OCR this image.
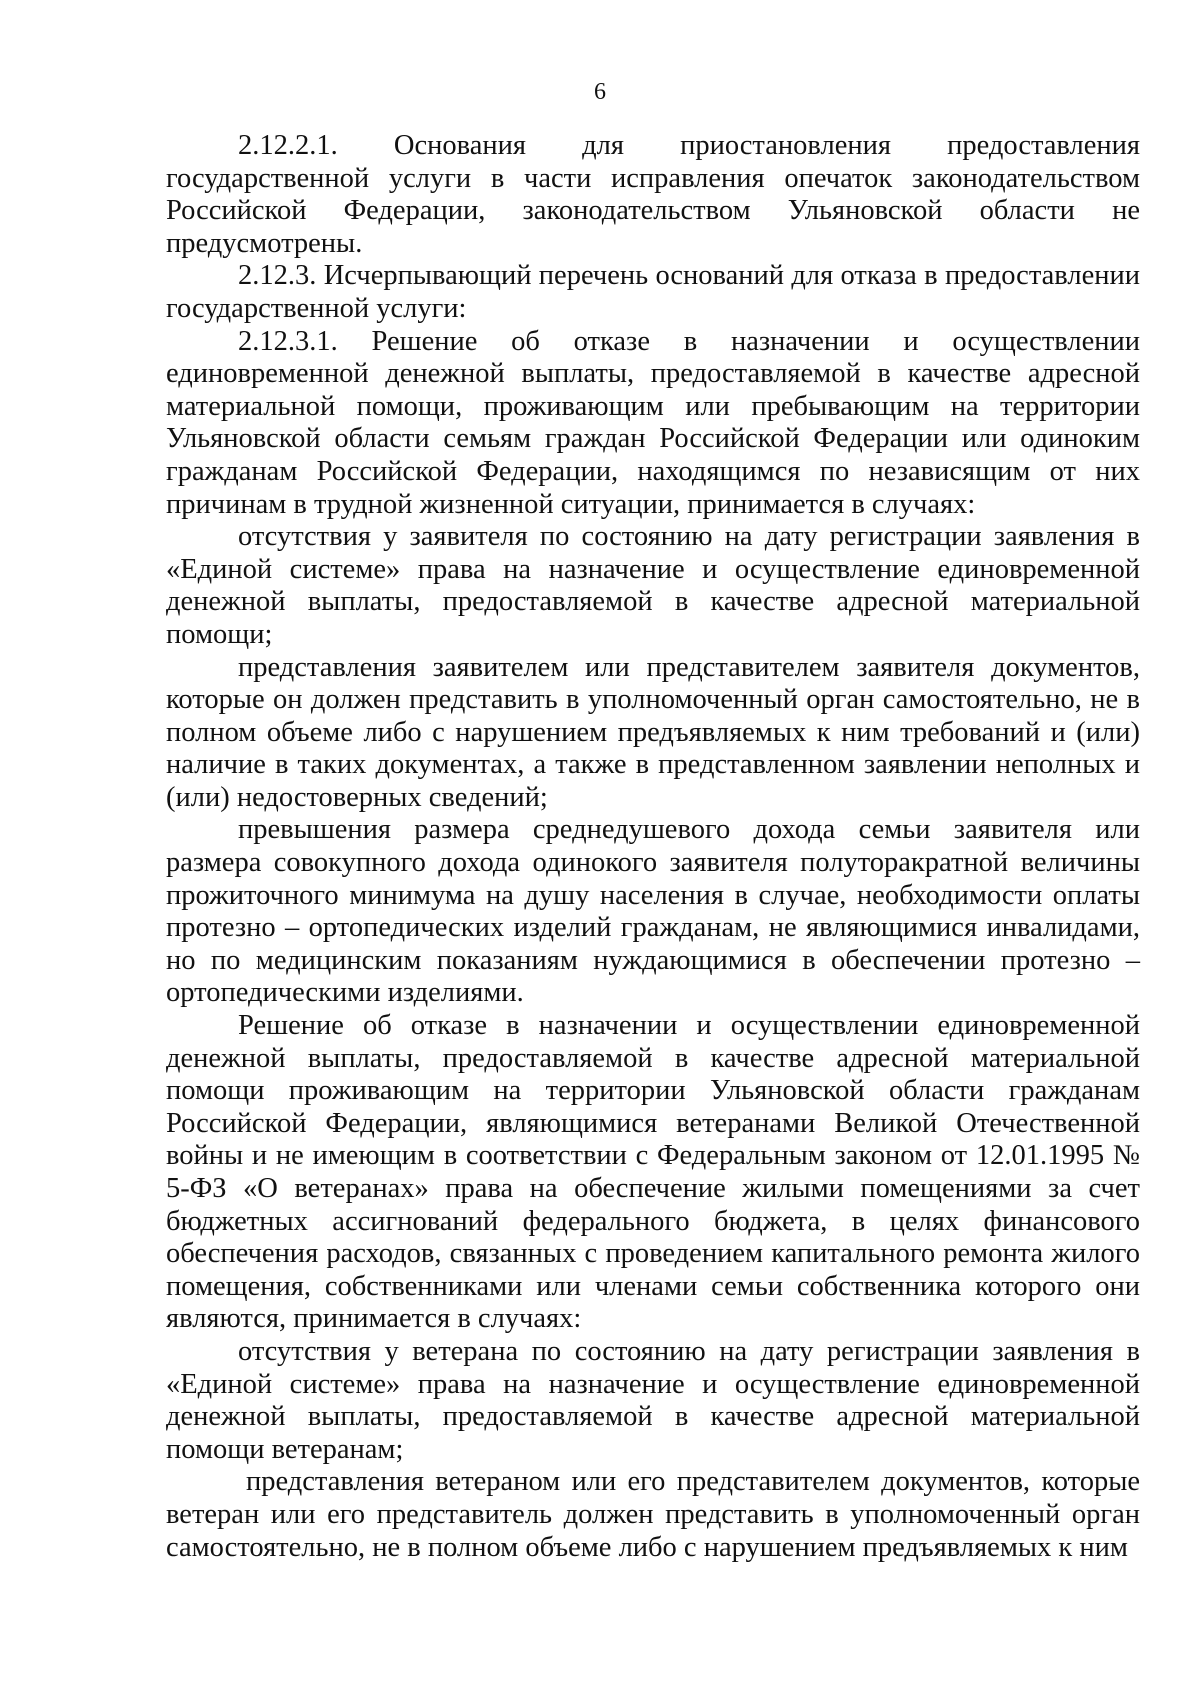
6

2.12.2.1. Основания для приостановления предоставления государственной услуги в части исправления опечаток законодательством Российской Федерации, законодательством Ульяновской области не предусмотрены.

2.12.3. Исчерпывающий перечень оснований для отказа в предоставлении государственной услуги:

2.12.3.1. Решение об отказе в назначении и осуществлении единовременной денежной выплаты, предоставляемой в качестве адресной материальной помощи, проживающим или пребывающим на территории Ульяновской области семьям граждан Российской Федерации или одиноким гражданам Российской Федерации, находящимся по независящим от них причинам в трудной жизненной ситуации, принимается в случаях:

отсутствия у заявителя по состоянию на дату регистрации заявления в «Единой системе» права на назначение и осуществление единовременной денежной выплаты, предоставляемой в качестве адресной материальной помощи;

представления заявителем или представителем заявителя документов, которые он должен представить в уполномоченный орган самостоятельно, не в полном объеме либо с нарушением предъявляемых к ним требований и (или) наличие в таких документах, а также в представленном заявлении неполных и (или) недостоверных сведений;

превышения размера среднедушевого дохода семьи заявителя или размера совокупного дохода одинокого заявителя полуторакратной величины прожиточного минимума на душу населения в случае, необходимости оплаты протезно – ортопедических изделий гражданам, не являющимися инвалидами, но по медицинским показаниям нуждающимися в обеспечении протезно – ортопедическими изделиями.

Решение об отказе в назначении и осуществлении единовременной денежной выплаты, предоставляемой в качестве адресной материальной помощи проживающим на территории Ульяновской области гражданам Российской Федерации, являющимися ветеранами Великой Отечественной войны и не имеющим в соответствии с Федеральным законом от 12.01.1995 № 5-ФЗ «О ветеранах» права на обеспечение жилыми помещениями за счет бюджетных ассигнований федерального бюджета, в целях финансового обеспечения расходов, связанных с проведением капитального ремонта жилого помещения, собственниками или членами семьи собственника которого они являются, принимается в случаях:

отсутствия у ветерана по состоянию на дату регистрации заявления в «Единой системе» права на назначение и осуществление единовременной денежной выплаты, предоставляемой в качестве адресной материальной помощи ветеранам;

представления ветераном или его представителем документов, которые ветеран или его представитель должен представить в уполномоченный орган самостоятельно, не в полном объеме либо с нарушением предъявляемых к ним
